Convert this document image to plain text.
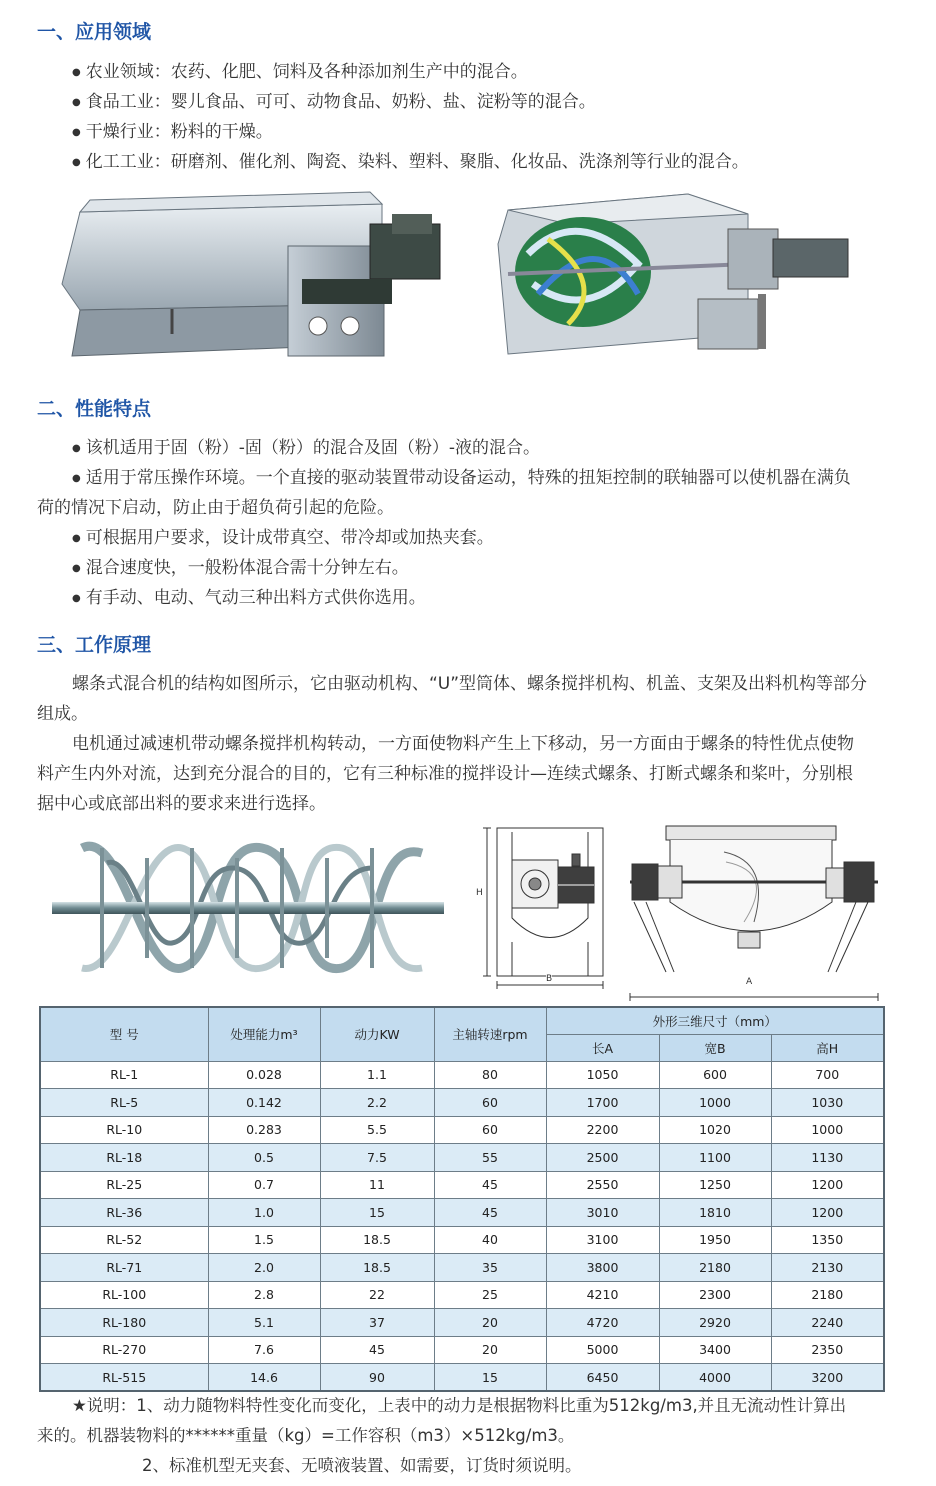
一、应用领域
● 农业领域：农药、化肥、饲料及各种添加剂生产中的混合。
● 食品工业：婴儿食品、可可、动物食品、奶粉、盐、淀粉等的混合。
● 干燥行业：粉料的干燥。
● 化工工业：研磨剂、催化剂、陶瓷、染料、塑料、聚脂、化妆品、洗涤剂等行业的混合。
二、性能特点
● 该机适用于固（粉）-固（粉）的混合及固（粉）-液的混合。
● 适用于常压操作环境。一个直接的驱动装置带动设备运动，特殊的扭矩控制的联轴器可以使机器在满负
荷的情况下启动，防止由于超负荷引起的危险。
● 可根据用户要求，设计成带真空、带冷却或加热夹套。
● 混合速度快，一般粉体混合需十分钟左右。
● 有手动、电动、气动三种出料方式供你选用。
三、工作原理
螺条式混合机的结构如图所示，它由驱动机构、“U”型筒体、螺条搅拌机构、机盖、支架及出料机构等部分
组成。
电机通过减速机带动螺条搅拌机构转动，一方面使物料产生上下移动，另一方面由于螺条的特性优点使物
料产生内外对流，达到充分混合的目的，它有三种标准的搅拌设计—连续式螺条、打断式螺条和桨叶，分别根
据中心或底部出料的要求来进行选择。
H
B	A
型 号	处理能力m³	动力KW	主轴转速rpm	外形三维尺寸（mm）		
				长A	宽B	高H
RL-1	0.028	1.1	80	1050	600	700
RL-5	0.142	2.2	60	1700	1000	1030
RL-10	0.283	5.5	60	2200	1020	1000
RL-18	0.5	7.5	55	2500	1100	1130
RL-25	0.7	11	45	2550	1250	1200
RL-36	1.0	15	45	3010	1810	1200
RL-52	1.5	18.5	40	3100	1950	1350
RL-71	2.0	18.5	35	3800	2180	2130
RL-100	2.8	22	25	4210	2300	2180
RL-180	5.1	37	20	4720	2920	2240
RL-270	7.6	45	20	5000	3400	2350
RL-515	14.6	90	15	6450	4000	3200
★说明：1、动力随物料特性变化而变化，上表中的动力是根据物料比重为512kg/m3,并且无流动性计算出
来的。机器装物料的******重量（kg）=工作容积（m3）×512kg/m3。
2、标准机型无夹套、无喷液装置、如需要，订货时须说明。
